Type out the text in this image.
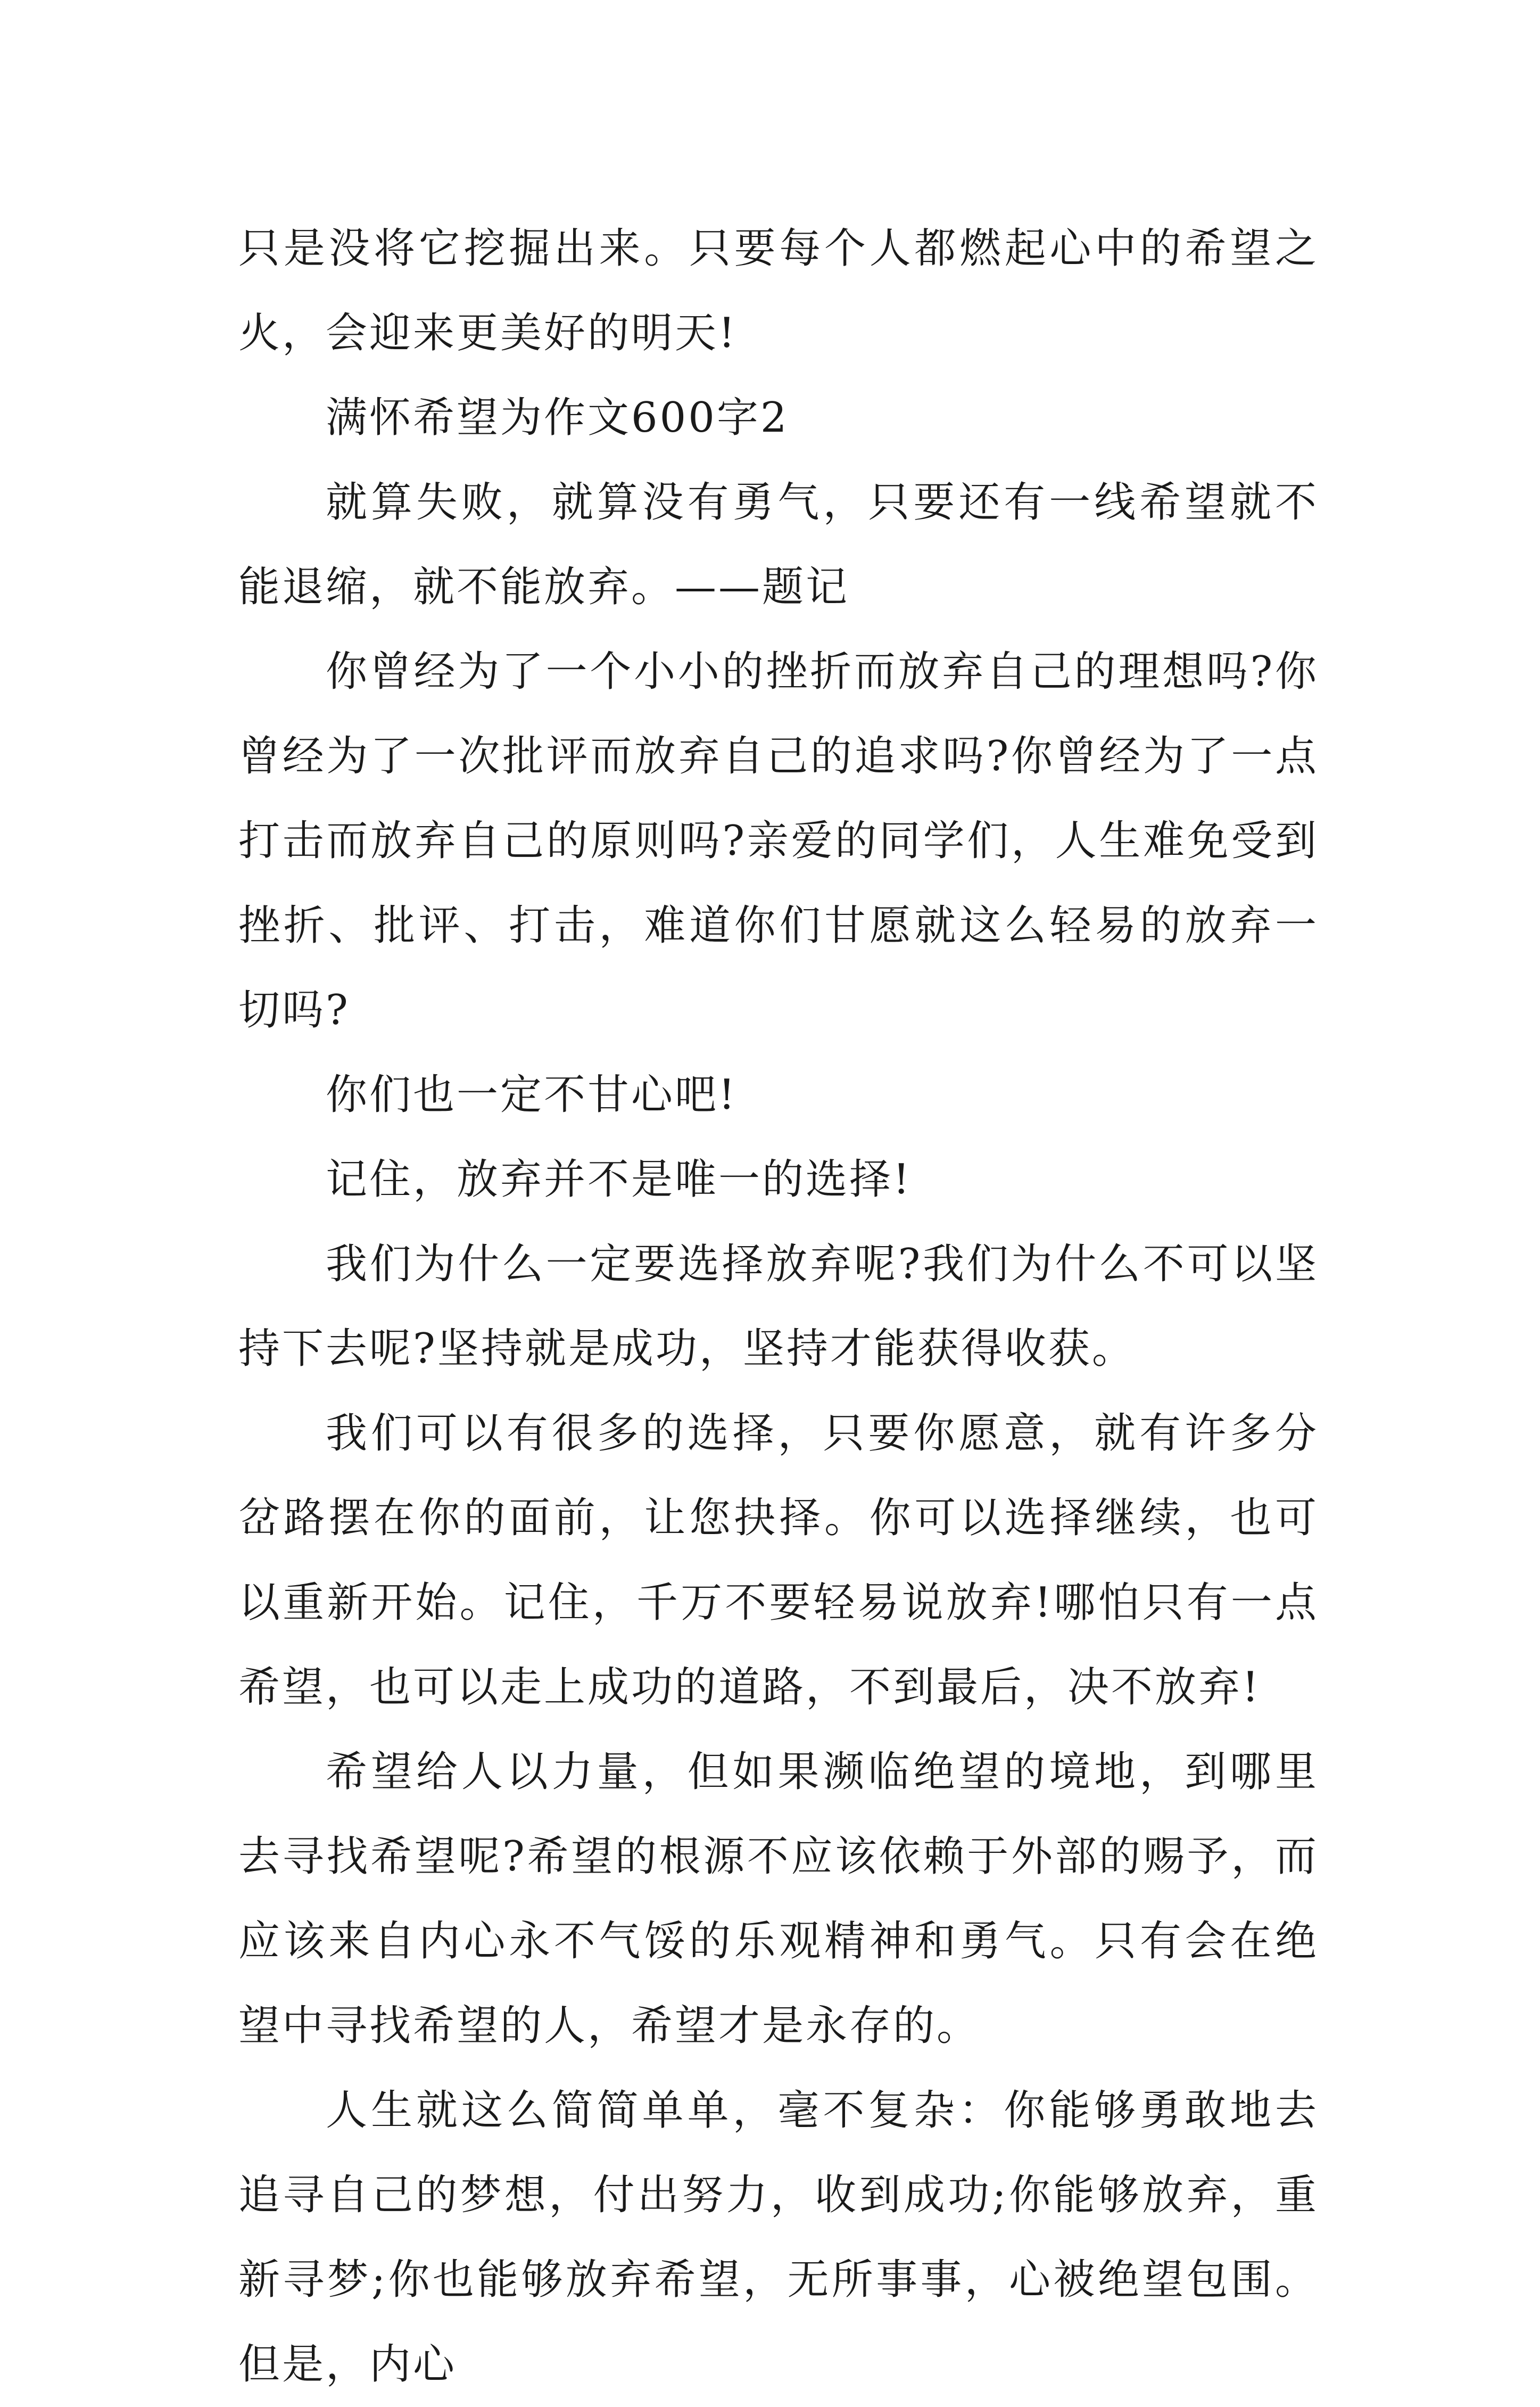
只是没将它挖掘出来。只要每个人都燃起心中的希望之火，会迎来更美好的明天!

满怀希望为作文600字2

就算失败，就算没有勇气，只要还有一线希望就不能退缩，就不能放弃。——题记

你曾经为了一个小小的挫折而放弃自己的理想吗?你曾经为了一次批评而放弃自己的追求吗?你曾经为了一点打击而放弃自己的原则吗?亲爱的同学们，人生难免受到挫折、批评、打击，难道你们甘愿就这么轻易的放弃一切吗?

你们也一定不甘心吧!

记住，放弃并不是唯一的选择!

我们为什么一定要选择放弃呢?我们为什么不可以坚持下去呢?坚持就是成功，坚持才能获得收获。

我们可以有很多的选择，只要你愿意，就有许多分岔路摆在你的面前，让您抉择。你可以选择继续，也可以重新开始。记住，千万不要轻易说放弃!哪怕只有一点希望，也可以走上成功的道路，不到最后，决不放弃!

希望给人以力量，但如果濒临绝望的境地，到哪里去寻找希望呢?希望的根源不应该依赖于外部的赐予，而应该来自内心永不气馁的乐观精神和勇气。只有会在绝望中寻找希望的人，希望才是永存的。

人生就这么简简单单，毫不复杂：你能够勇敢地去追寻自己的梦想，付出努力，收到成功;你能够放弃，重新寻梦;你也能够放弃希望，无所事事，心被绝望包围。但是，内心
